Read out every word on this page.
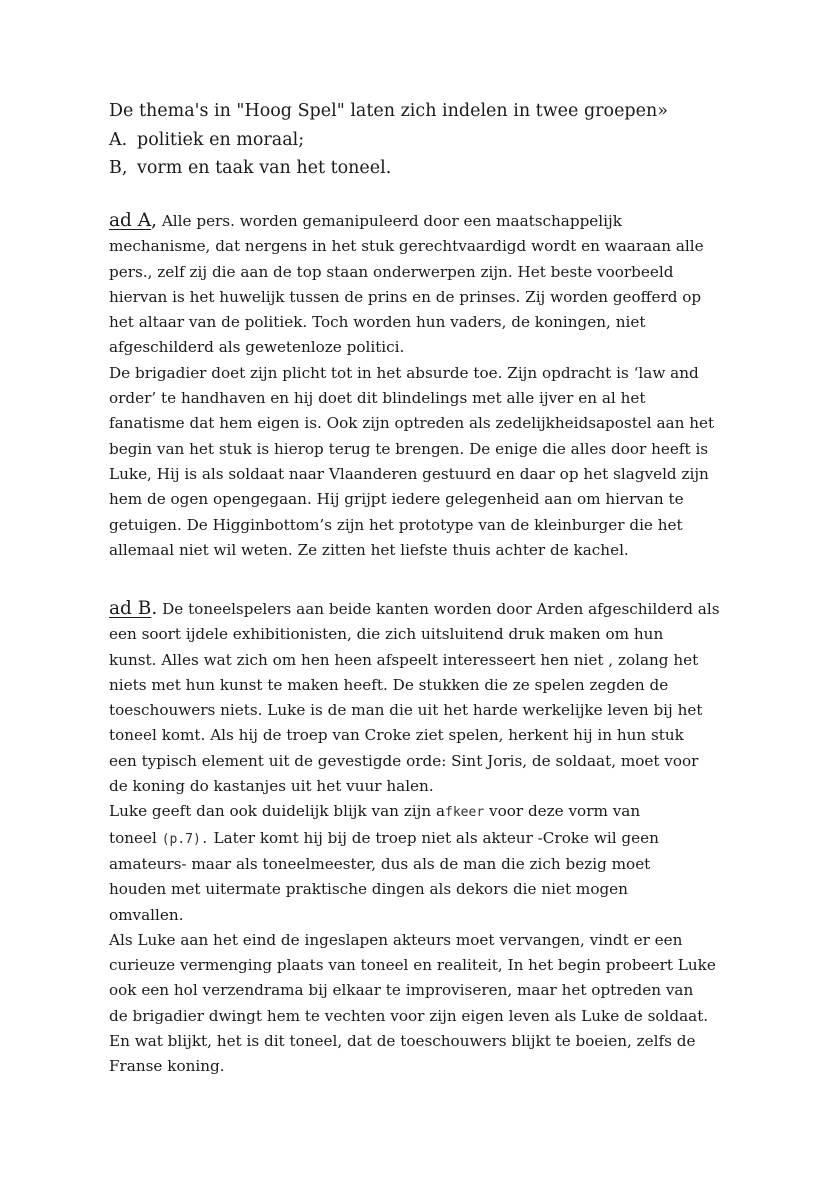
De thema's in "Hoog Spel" laten zich indelen in twee groepen»
A. politiek en moraal;
B, vorm en taak van het toneel.
ad A, Alle pers. worden gemanipuleerd door een maatschappelijk
mechanisme, dat nergens in het stuk gerechtvaardigd wordt en waaraan alle
pers., zelf zij die aan de top staan onderwerpen zijn. Het beste voorbeeld
hiervan is het huwelijk tussen de prins en de prinses. Zij worden geofferd op
het altaar van de politiek. Toch worden hun vaders, de koningen, niet
afgeschilderd als gewetenloze politici.
De brigadier doet zijn plicht tot in het absurde toe. Zijn opdracht is ‘law and
order’ te handhaven en hij doet dit blindelings met alle ijver en al het
fanatisme dat hem eigen is. Ook zijn optreden als zedelijkheidsapostel aan het
begin van het stuk is hierop terug te brengen. De enige die alles door heeft is
Luke, Hij is als soldaat naar Vlaanderen gestuurd en daar op het slagveld zijn
hem de ogen opengegaan. Hij grijpt iedere gelegenheid aan om hiervan te
getuigen. De Higginbottom’s zijn het prototype van de kleinburger die het
allemaal niet wil weten. Ze zitten het liefste thuis achter de kachel.
ad B. De toneelspelers aan beide kanten worden door Arden afgeschilderd als
een soort ijdele exhibitionisten, die zich uitsluitend druk maken om hun
kunst. Alles wat zich om hen heen afspeelt interesseert hen niet , zolang het
niets met hun kunst te maken heeft. De stukken die ze spelen zegden de
toeschouwers niets. Luke is de man die uit het harde werkelijke leven bij het
toneel komt. Als hij de troep van Croke ziet spelen, herkent hij in hun stuk
een typisch element uit de gevestigde orde: Sint Joris, de soldaat, moet voor
de koning do kastanjes uit het vuur halen.
Luke geeft dan ook duidelijk blijk van zijn afkeer voor deze vorm van
toneel (p.7). Later komt hij bij de troep niet als akteur -Croke wil geen
amateurs- maar als toneelmeester, dus als de man die zich bezig moet
houden met uitermate praktische dingen als dekors die niet mogen
omvallen.
Als Luke aan het eind de ingeslapen akteurs moet vervangen, vindt er een
curieuze vermenging plaats van toneel en realiteit, In het begin probeert Luke
ook een hol verzendrama bij elkaar te improviseren, maar het optreden van
de brigadier dwingt hem te vechten voor zijn eigen leven als Luke de soldaat.
En wat blijkt, het is dit toneel, dat de toeschouwers blijkt te boeien, zelfs de
Franse koning.
